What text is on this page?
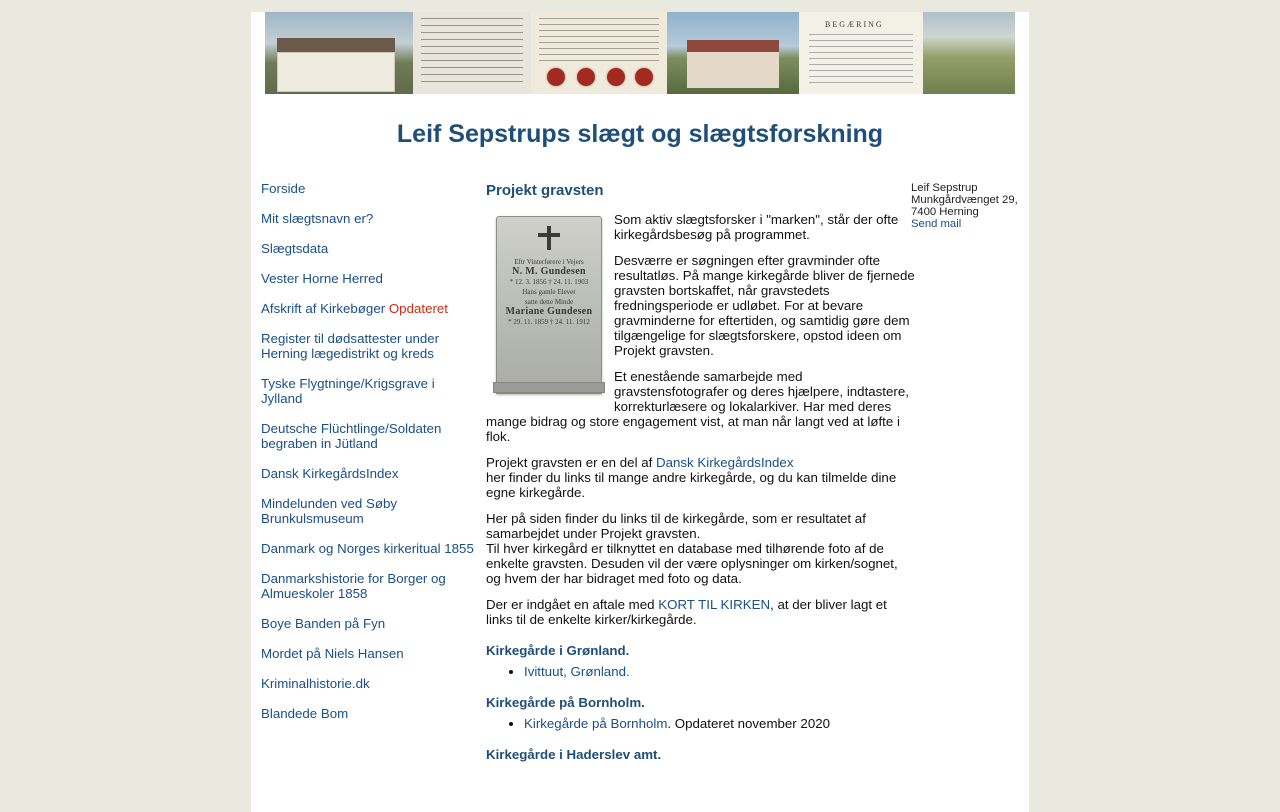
BEGÆRING
Leif Sepstrups slægt og slægtsforskning
Forside
Mit slægtsnavn er?
Slægtsdata
Vester Horne Herred
Afskrift af Kirkebøger Opdateret
Register til dødsattester under Herning lægedistrikt og kreds
Tyske Flygtninge/Krigsgrave i Jylland
Deutsche Flüchtlinge/Soldaten begraben in Jütland
Dansk KirkegårdsIndex
Mindelunden ved Søby Brunkulsmuseum
Danmark og Norges kirkeritual 1855
Danmarkshistorie for Borger og Almueskoler 1858
Boye Banden på Fyn
Mordet på Niels Hansen
Kriminalhistorie.dk
Blandede Bom
Projekt gravsten
Eftr Vinterførere i Vejers
N. M. Gundesen
* 12. 3. 1856 † 24. 11. 1903
Hans gamle Elever
satte dette Minde
Mariane Gundesen
* 29. 11. 1859 † 24. 11. 1912

Som aktiv slægtsforsker i "marken", står der ofte kirkegårdsbesøg på programmet.

Desværre er søgningen efter gravminder ofte resultatløs. På mange kirkegårde bliver de fjernede gravsten bortskaffet, når gravstedets fredningsperiode er udløbet. For at bevare gravminderne for eftertiden, og samtidig gøre dem tilgængelige for slægtsforskere, opstod ideen om Projekt gravsten.

Et enestående samarbejde med gravstensfotografer og deres hjælpere, indtastere, korrekturlæsere og lokalarkiver. Har med deres mange bidrag og store engagement vist, at man når langt ved at løfte i flok.

Projekt gravsten er en del af Dansk KirkegårdsIndex
her finder du links til mange andre kirkegårde, og du kan tilmelde dine egne kirkegårde.

Her på siden finder du links til de kirkegårde, som er resultatet af samarbejdet under Projekt gravsten.
Til hver kirkegård er tilknyttet en database med tilhørende foto af de enkelte gravsten. Desuden vil der være oplysninger om kirken/sognet, og hvem der har bidraget med foto og data.

Der er indgået en aftale med KORT TIL KIRKEN, at der bliver lagt et links til de enkelte kirker/kirkegårde.

Kirkegårde i Grønland.
• Ivittuut, Grønland.
Kirkegårde på Bornholm.
• Kirkegårde på Bornholm. Opdateret november 2020
Kirkegårde i Haderslev amt.
Leif Sepstrup
Munkgårdvænget 29,
7400 Herning
Send mail
